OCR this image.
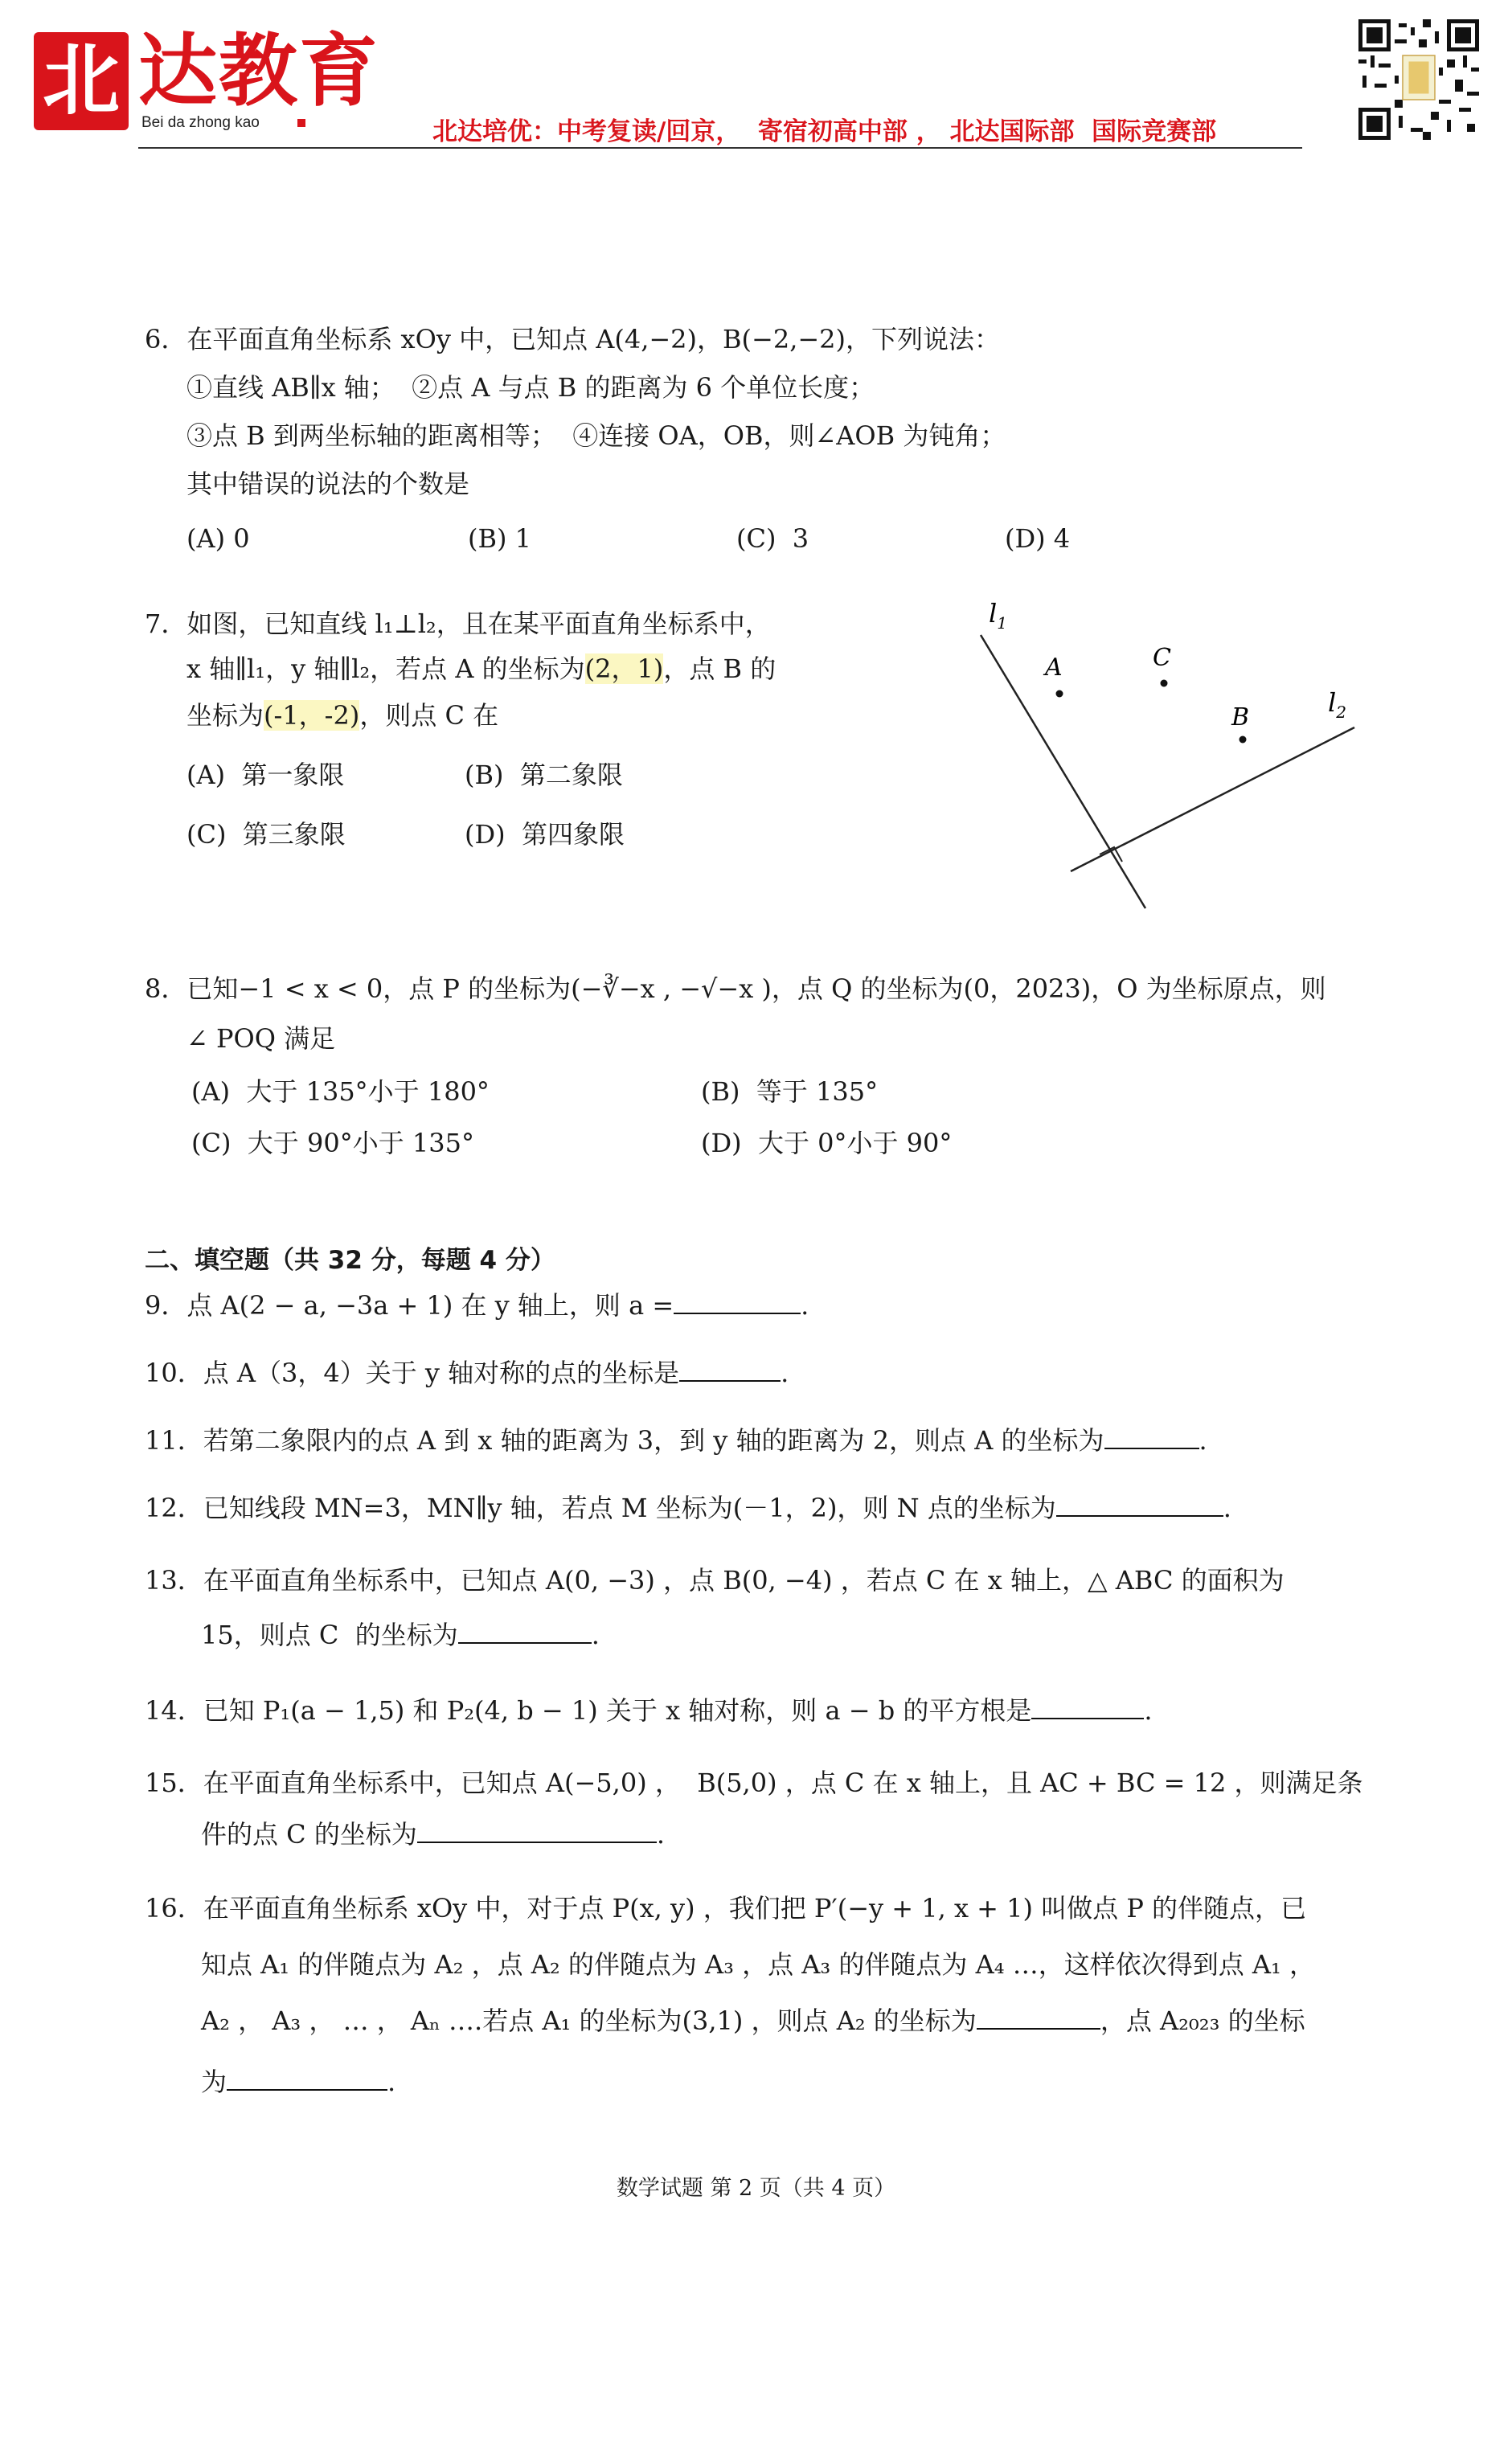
北 达教育
Bei da zhong kao	北达培优：中考复读/回京，  寄宿初高中部 ， 北达国际部  国际竞赛部
6．在平面直角坐标系 xOy 中，已知点 A(4,−2)，B(−2,−2)，下列说法：
①直线 AB∥x 轴；  ②点 A 与点 B 的距离为 6 个单位长度；
③点 B 到两坐标轴的距离相等；  ④连接 OA，OB，则∠AOB 为钝角；
其中错误的说法的个数是
(A) 0	(B) 1	(C)  3	(D) 4
7．如图，已知直线 l₁⊥l₂，且在某平面直角坐标系中，
x 轴∥l₁，y 轴∥l₂，若点 A 的坐标为(2，1)，点 B 的
坐标为(-1，-2)，则点 C 在
(A)  第一象限	(B)  第二象限
(C)  第三象限	(D)  第四象限
$l_1$
$l_2$
A	C
B
8．已知−1 < x < 0，点 P 的坐标为(−∛−x , −√−x )，点 Q 的坐标为(0，2023)，O 为坐标原点，则
∠ POQ 满足
(A)  大于 135°小于 180°	(B)  等于 135°
(C)  大于 90°小于 135°	(D)  大于 0°小于 90°
二、填空题（共 32 分，每题 4 分）
9．点 A(2 − a, −3a + 1) 在 y 轴上，则 a =	.
10．点 A（3，4）关于 y 轴对称的点的坐标是	.
11．若第二象限内的点 A 到 x 轴的距离为 3，到 y 轴的距离为 2，则点 A 的坐标为	.
12．已知线段 MN=3，MN∥y 轴，若点 M 坐标为(－1，2)，则 N 点的坐标为	.
13．在平面直角坐标系中，已知点 A(0, −3) ，点 B(0, −4) ，若点 C 在 x 轴上，△ ABC 的面积为
15，则点 C  的坐标为	.
14．已知 P₁(a − 1,5) 和 P₂(4, b − 1) 关于 x 轴对称，则 a − b 的平方根是	.
15．在平面直角坐标系中，已知点 A(−5,0) ，  B(5,0) ，点 C 在 x 轴上，且 AC + BC = 12 ，则满足条
件的点 C 的坐标为	.
16．在平面直角坐标系 xOy 中，对于点 P(x, y) ，我们把 P′(−y + 1, x + 1) 叫做点 P 的伴随点，已
知点 A₁ 的伴随点为 A₂ ，点 A₂ 的伴随点为 A₃ ，点 A₃ 的伴随点为 A₄ …，这样依次得到点 A₁ ，
A₂ ， A₃ ， … ， Aₙ ….若点 A₁ 的坐标为(3,1) ，则点 A₂ 的坐标为	，点 A₂₀₂₃ 的坐标
为	.
数学试题 第 2 页（共 4 页）
